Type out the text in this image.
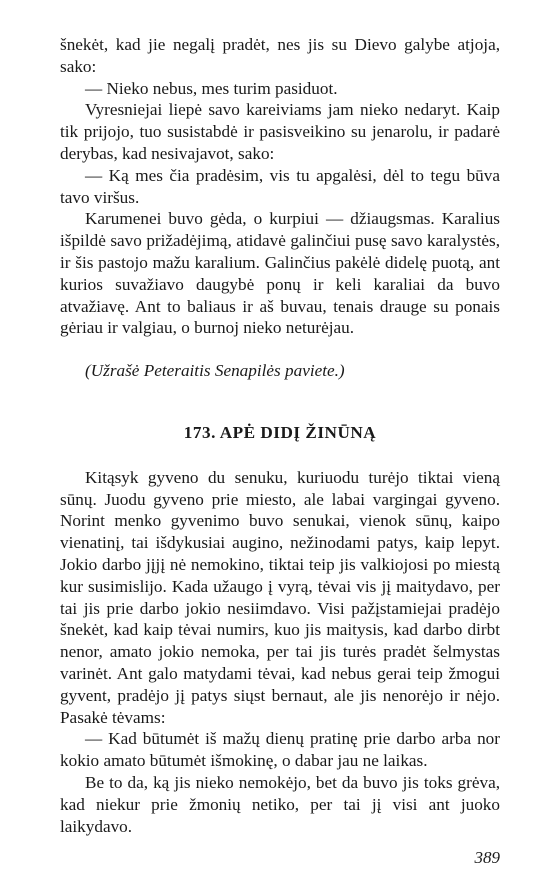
šnekėt, kad jie negalį pradėt, nes jis su Dievo galybe atjoja, sako:

— Nieko nebus, mes turim pasiduot.

Vyresniejai liepė savo kareiviams jam nieko nedaryt. Kaip tik prijojo, tuo susistabdė ir pasisveikino su jenarolu, ir padarė derybas, kad nesivajavot, sako:

— Ką mes čia pradėsim, vis tu apgalėsi, dėl to tegu būva tavo viršus.

Karumenei buvo gėda, o kurpiui — džiaugsmas. Karalius išpildė savo prižadėjimą, atidavė galinčiui pusę savo karalystės, ir šis pastojo mažu karalium. Galinčius pakėlė didelę puotą, ant kurios suvažiavo daugybė ponų ir keli karaliai da buvo atvažiavę. Ant to baliaus ir aš buvau, tenais drauge su ponais gėriau ir valgiau, o burnoj nieko neturėjau.

(Užrašė Peteraitis Senapilės paviete.)

173. APĖ DIDĮ ŽINŪNĄ

Kitąsyk gyveno du senuku, kuriuodu turėjo tiktai vieną sūnų. Juodu gyveno prie miesto, ale labai vargingai gyveno. Norint menko gyvenimo buvo senukai, vienok sūnų, kaipo vienatinį, tai išdykusiai augino, nežinodami patys, kaip lepyt. Jokio darbo jįjį nė nemokino, tiktai teip jis valkiojosi po miestą kur susimislijo. Kada užaugo į vyrą, tėvai vis jį maitydavo, per tai jis prie darbo jokio nesiimdavo. Visi pažįstamiejai pradėjo šnekėt, kad kaip tėvai numirs, kuo jis maitysis, kad darbo dirbt nenor, amato jokio nemoka, per tai jis turės pradėt šelmystas varinėt. Ant galo matydami tėvai, kad nebus gerai teip žmogui gyvent, pradėjo jį patys siųst bernaut, ale jis nenorėjo ir nėjo. Pasakė tėvams:

— Kad būtumėt iš mažų dienų pratinę prie darbo arba nor kokio amato būtumėt išmokinę, o dabar jau ne laikas.

Be to da, ką jis nieko nemokėjo, bet da buvo jis toks grėva, kad niekur prie žmonių netiko, per tai jį visi ant juoko laikydavo.

389
